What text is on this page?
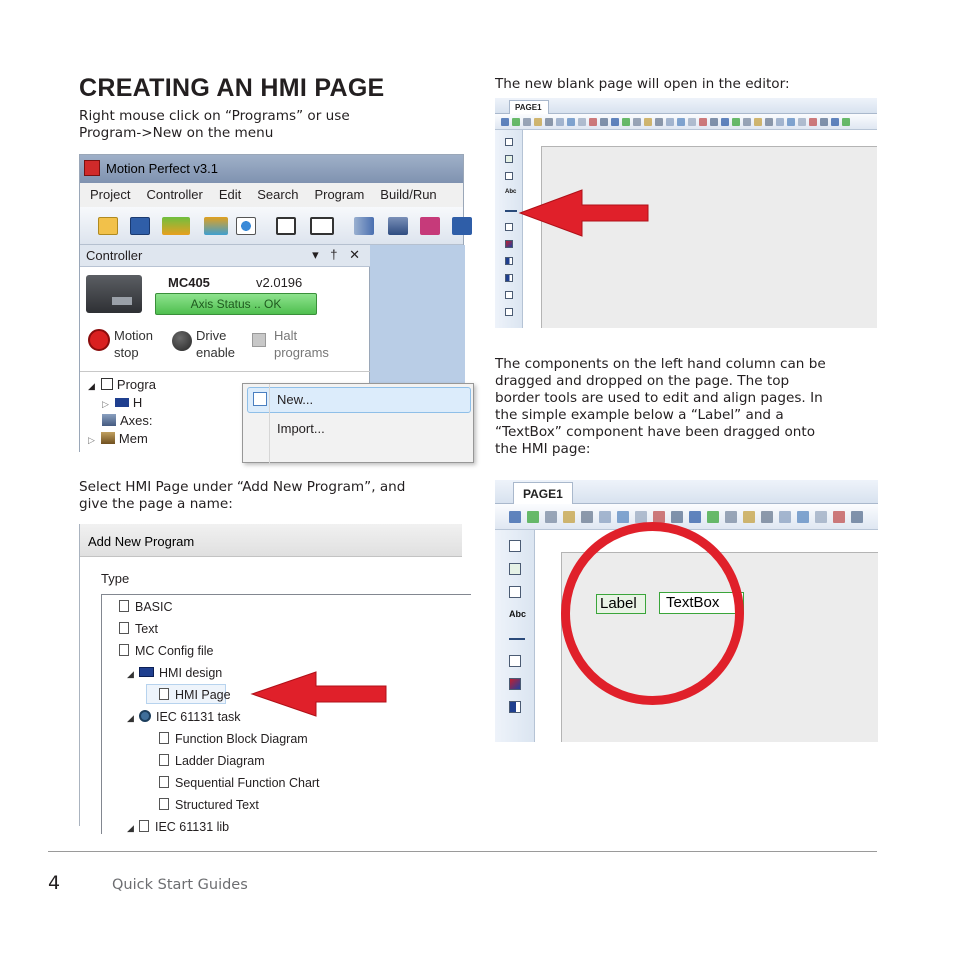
CREATING AN HMI PAGE
Right mouse click on “Programs” or use
Program->New on the menu
Select HMI Page under “Add New Program”, and
give the page a name:
The new blank page will open in the editor:
The components on the left hand column can be
dragged and dropped on the page. The top
border tools are used to edit and align pages. In
the simple example below a “Label” and a
“TextBox” component have been dragged onto
the HMI page:
Motion Perfect v3.1
Project Controller Edit Search Program Build/Run
Controller	▾ † ✕
MC405	v2.0196
Axis Status .. OK
Motion
stop
Drive
enable
Halt
programs
◢ Progra
▷ H
Axes:
▷ Mem
New...
Import...
Add New Program
Type
BASIC
Text
MC Config file
◢ HMI design
HMI Page
◢ IEC 61131 task
Function Block Diagram
Ladder Diagram
Sequential Function Chart
Structured Text
◢ IEC 61131 lib
PAGE1
Abc
PAGE1
Abc
Label	TextBox
4	Quick Start Guides
